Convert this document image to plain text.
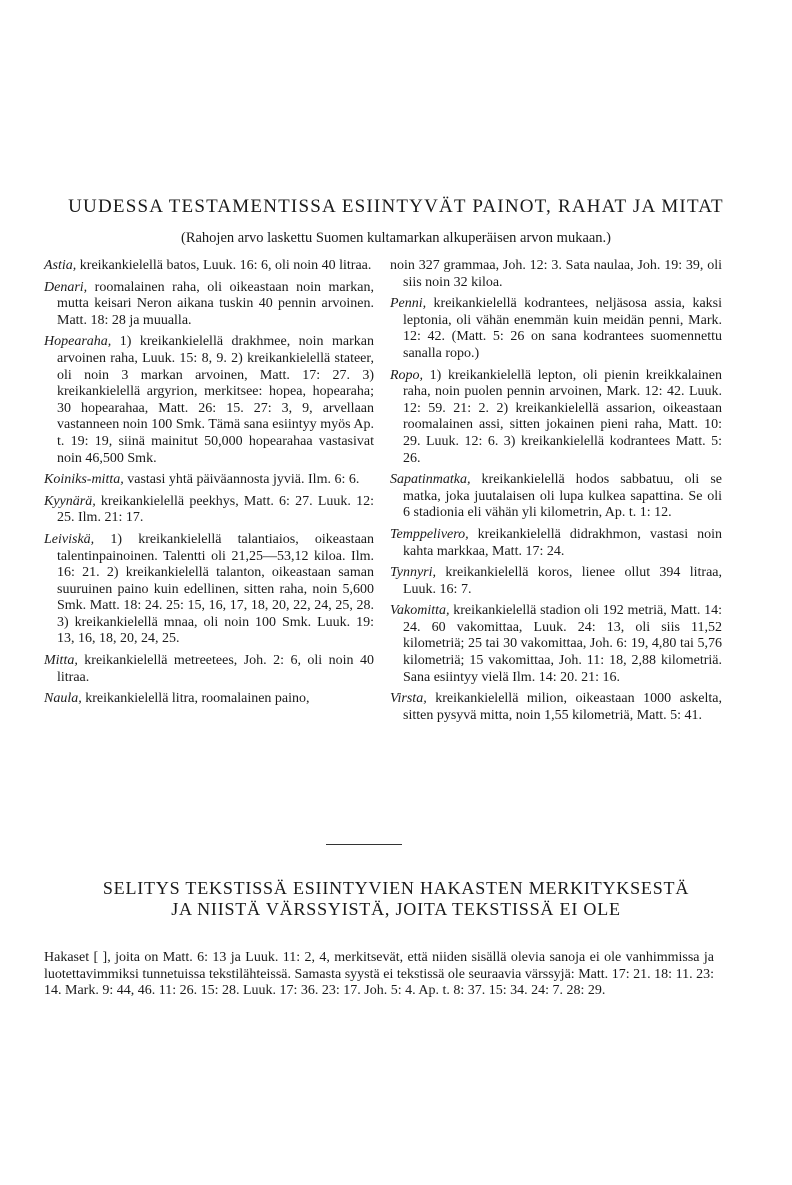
UUDESSA TESTAMENTISSA ESIINTYVÄT PAINOT, RAHAT JA MITAT
(Rahojen arvo laskettu Suomen kultamarkan alkuperäisen arvon mukaan.)

Astia, kreikankielellä batos, Luuk. 16: 6, oli noin 40 litraa.

Denari, roomalainen raha, oli oikeastaan noin markan, mutta keisari Neron aikana tuskin 40 pennin arvoinen. Matt. 18: 28 ja muualla.

Hopearaha, 1) kreikankielellä drakhmee, noin markan arvoinen raha, Luuk. 15: 8, 9. 2) kreikankielellä stateer, oli noin 3 markan arvoinen, Matt. 17: 27. 3) kreikankielellä argyrion, merkitsee: hopea, hopearaha; 30 hopearahaa, Matt. 26: 15. 27: 3, 9, arvellaan vastanneen noin 100 Smk. Tämä sana esiintyy myös Ap. t. 19: 19, siinä mainitut 50,000 hopearahaa vastasivat noin 46,500 Smk.

Koiniks-mitta, vastasi yhtä päiväannosta jyviä. Ilm. 6: 6.

Kyynärä, kreikankielellä peekhys, Matt. 6: 27. Luuk. 12: 25. Ilm. 21: 17.

Leiviskä, 1) kreikankielellä talantiaios, oikeastaan talentinpainoinen. Talentti oli 21,25—53,12 kiloa. Ilm. 16: 21. 2) kreikankielellä talanton, oikeastaan saman suuruinen paino kuin edellinen, sitten raha, noin 5,600 Smk. Matt. 18: 24. 25: 15, 16, 17, 18, 20, 22, 24, 25, 28. 3) kreikankielellä mnaa, oli noin 100 Smk. Luuk. 19: 13, 16, 18, 20, 24, 25.

Mitta, kreikankielellä metreetees, Joh. 2: 6, oli noin 40 litraa.

Naula, kreikankielellä litra, roomalainen paino,

noin 327 grammaa, Joh. 12: 3. Sata naulaa, Joh. 19: 39, oli siis noin 32 kiloa.

Penni, kreikankielellä kodrantees, neljäsosa assia, kaksi leptonia, oli vähän enemmän kuin meidän penni, Mark. 12: 42. (Matt. 5: 26 on sana kodrantees suomennettu sanalla ropo.)

Ropo, 1) kreikankielellä lepton, oli pienin kreikkalainen raha, noin puolen pennin arvoinen, Mark. 12: 42. Luuk. 12: 59. 21: 2. 2) kreikankielellä assarion, oikeastaan roomalainen assi, sitten jokainen pieni raha, Matt. 10: 29. Luuk. 12: 6. 3) kreikankielellä kodrantees Matt. 5: 26.

Sapatinmatka, kreikankielellä hodos sabbatuu, oli se matka, joka juutalaisen oli lupa kulkea sapattina. Se oli 6 stadionia eli vähän yli kilometrin, Ap. t. 1: 12.

Temppelivero, kreikankielellä didrakhmon, vastasi noin kahta markkaa, Matt. 17: 24.

Tynnyri, kreikankielellä koros, lienee ollut 394 litraa, Luuk. 16: 7.

Vakomitta, kreikankielellä stadion oli 192 metriä, Matt. 14: 24. 60 vakomittaa, Luuk. 24: 13, oli siis 11,52 kilometriä; 25 tai 30 vakomittaa, Joh. 6: 19, 4,80 tai 5,76 kilometriä; 15 vakomittaa, Joh. 11: 18, 2,88 kilometriä. Sana esiintyy vielä Ilm. 14: 20. 21: 16.

Virsta, kreikankielellä milion, oikeastaan 1000 askelta, sitten pysyvä mitta, noin 1,55 kilometriä, Matt. 5: 41.

SELITYS TEKSTISSÄ ESIINTYVIEN HAKASTEN MERKITYKSESTÄ
JA NIISTÄ VÄRSSYISTÄ, JOITA TEKSTISSÄ EI OLE

Hakaset [ ], joita on Matt. 6: 13 ja Luuk. 11: 2, 4, merkitsevät, että niiden sisällä olevia sanoja ei ole vanhimmissa ja luotettavimmiksi tunnetuissa tekstilähteissä. Samasta syystä ei tekstissä ole seuraavia värssyjä: Matt. 17: 21. 18: 11. 23: 14. Mark. 9: 44, 46. 11: 26. 15: 28. Luuk. 17: 36. 23: 17. Joh. 5: 4. Ap. t. 8: 37. 15: 34. 24: 7. 28: 29.
